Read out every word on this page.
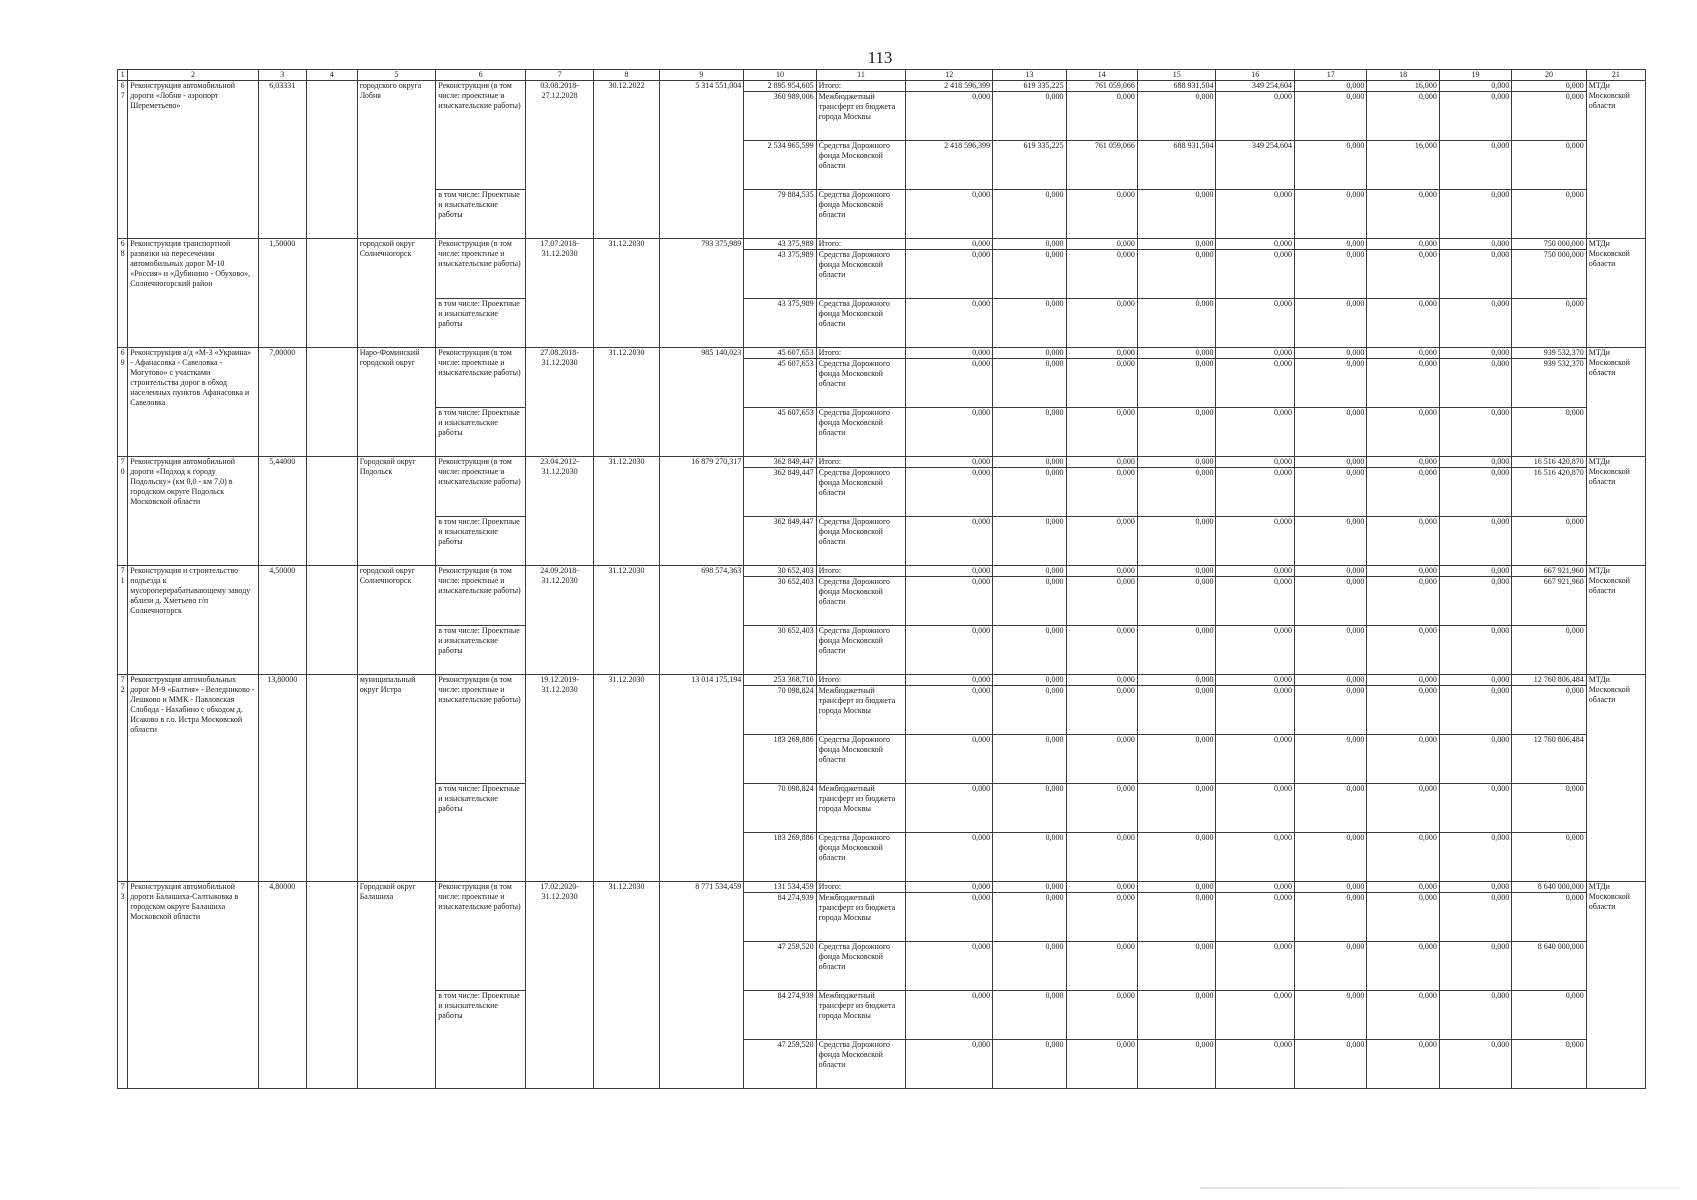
113
1	2	3	4	5	6	7	8	9	10	11	12	13	14	15	16	17	18	19	20	21
67	Реконструкция автомобильной дороги «Лобня - аэропорт Шереметьево»	6,03331		городского округа Лобня	Реконструкция (в том числе: проектные и изыскательские работы)	03.08.2018-27.12.2028	30.12.2022	5 314 551,004	2 895 954,605	Итого:	2 418 596,399	619 335,225	761 059,066	688 931,504	349 254,604	0,000	16,000	0,000	0,000	МТДи Московской области
									360 989,006	Межбюджетный трансферт из бюджета города Москвы	0,000	0,000	0,000	0,000	0,000	0,000	0,000	0,000	0,000	
									2 534 965,599	Средства Дорожного фонда Московской области	2 418 596,399	619 335,225	761 059,066	688 931,504	349 254,604	0,000	16,000	0,000	0,000	
					в том числе: Проектные и изыскательские работы				79 884,535	Средства Дорожного фонда Московской области	0,000	0,000	0,000	0,000	0,000	0,000	0,000	0,000	0,000	
68	Реконструкция транспортной развязки на пересечении автомобильных дорог М-10 «Россия» и «Дубинино - Обухово», Солнечногорский район	1,50000		городской округ Солнечногорск	Реконструкция (в том числе: проектные и изыскательские работы)	17.07.2018-31.12.2030	31.12.2030	793 375,989	43 375,989	Итого:	0,000	0,000	0,000	0,000	0,000	0,000	0,000	0,000	750 000,000	МТДи Московской области
									43 375,989	Средства Дорожного фонда Московской области	0,000	0,000	0,000	0,000	0,000	0,000	0,000	0,000	750 000,000	
					в том числе: Проектные и изыскательские работы				43 375,989	Средства Дорожного фонда Московской области	0,000	0,000	0,000	0,000	0,000	0,000	0,000	0,000	0,000	
69	Реконструкция а/д «М-3 «Украина» - Афанасовка - Савеловка - Могутово» с участками строительства дорог в обход населенных пунктов Афанасовка и Савеловка	7,00000		Наро-Фоминский городской округ	Реконструкция (в том числе: проектные и изыскательские работы)	27.08.2018-31.12.2030	31.12.2030	985 140,023	45 607,653	Итого:	0,000	0,000	0,000	0,000	0,000	0,000	0,000	0,000	939 532,370	МТДи Московской области
									45 607,653	Средства Дорожного фонда Московской области	0,000	0,000	0,000	0,000	0,000	0,000	0,000	0,000	939 532,370	
					в том числе: Проектные и изыскательские работы				45 607,653	Средства Дорожного фонда Московской области	0,000	0,000	0,000	0,000	0,000	0,000	0,000	0,000	0,000	
70	Реконструкция автомобильной дороги «Подход к городу Подольску» (км 0,0 - км 7,0) в городском округе Подольск Московской области	5,44000		Городской округ Подольск	Реконструкция (в том числе: проектные и изыскательские работы)	23.04.2012-31.12.2030	31.12.2030	16 879 270,317	362 849,447	Итого:	0,000	0,000	0,000	0,000	0,000	0,000	0,000	0,000	16 516 420,870	МТДи Московской области
									362 849,447	Средства Дорожного фонда Московской области	0,000	0,000	0,000	0,000	0,000	0,000	0,000	0,000	16 516 420,870	
					в том числе: Проектные и изыскательские работы				362 849,447	Средства Дорожного фонда Московской области	0,000	0,000	0,000	0,000	0,000	0,000	0,000	0,000	0,000	
71	Реконструкция и строительство подъезда к мусороперерабатывающему заводу вблизи д. Хметьево г/п Солнечногорск	4,50000		городской округ Солнечногорск	Реконструкция (в том числе: проектные и изыскательские работы)	24.09.2018-31.12.2030	31.12.2030	698 574,363	30 652,403	Итого:	0,000	0,000	0,000	0,000	0,000	0,000	0,000	0,000	667 921,960	МТДи Московской области
									30 652,403	Средства Дорожного фонда Московской области	0,000	0,000	0,000	0,000	0,000	0,000	0,000	0,000	667 921,960	
					в том числе: Проектные и изыскательские работы				30 652,403	Средства Дорожного фонда Московской области	0,000	0,000	0,000	0,000	0,000	0,000	0,000	0,000	0,000	
72	Реконструкция автомобильных дорог М-9 «Балтия» - Веледниково - Лешково и ММК - Павловская Слобода - Нахабино с обходом д. Исаково в г.о. Истра Московской области	13,80000		муниципальный округ Истра	Реконструкция (в том числе: проектные и изыскательские работы)	19.12.2019-31.12.2030	31.12.2030	13 014 175,194	253 368,710	Итого:	0,000	0,000	0,000	0,000	0,000	0,000	0,000	0,000	12 760 806,484	МТДи Московской области
									70 098,824	Межбюджетный трансферт из бюджета города Москвы	0,000	0,000	0,000	0,000	0,000	0,000	0,000	0,000	0,000	
									183 269,886	Средства Дорожного фонда Московской области	0,000	0,000	0,000	0,000	0,000	0,000	0,000	0,000	12 760 806,484	
					в том числе: Проектные и изыскательские работы				70 098,824	Межбюджетный трансферт из бюджета города Москвы	0,000	0,000	0,000	0,000	0,000	0,000	0,000	0,000	0,000	
									183 269,886	Средства Дорожного фонда Московской области	0,000	0,000	0,000	0,000	0,000	0,000	0,000	0,000	0,000	
73	Реконструкция автомобильной дороги Балашиха-Салтыковка в городском округе Балашиха Московской области	4,80000		Городской округ Балашиха	Реконструкция (в том числе: проектные и изыскательские работы)	17.02.2020-31.12.2030	31.12.2030	8 771 534,459	131 534,459	Итого:	0,000	0,000	0,000	0,000	0,000	0,000	0,000	0,000	8 640 000,000	МТДи Московской области
									84 274,939	Межбюджетный трансферт из бюджета города Москвы	0,000	0,000	0,000	0,000	0,000	0,000	0,000	0,000	0,000	
									47 259,520	Средства Дорожного фонда Московской области	0,000	0,000	0,000	0,000	0,000	0,000	0,000	0,000	8 640 000,000	
					в том числе: Проектные и изыскательские работы				84 274,939	Межбюджетный трансферт из бюджета города Москвы	0,000	0,000	0,000	0,000	0,000	0,000	0,000	0,000	0,000	
									47 259,520	Средства Дорожного фонда Московской области	0,000	0,000	0,000	0,000	0,000	0,000	0,000	0,000	0,000	
